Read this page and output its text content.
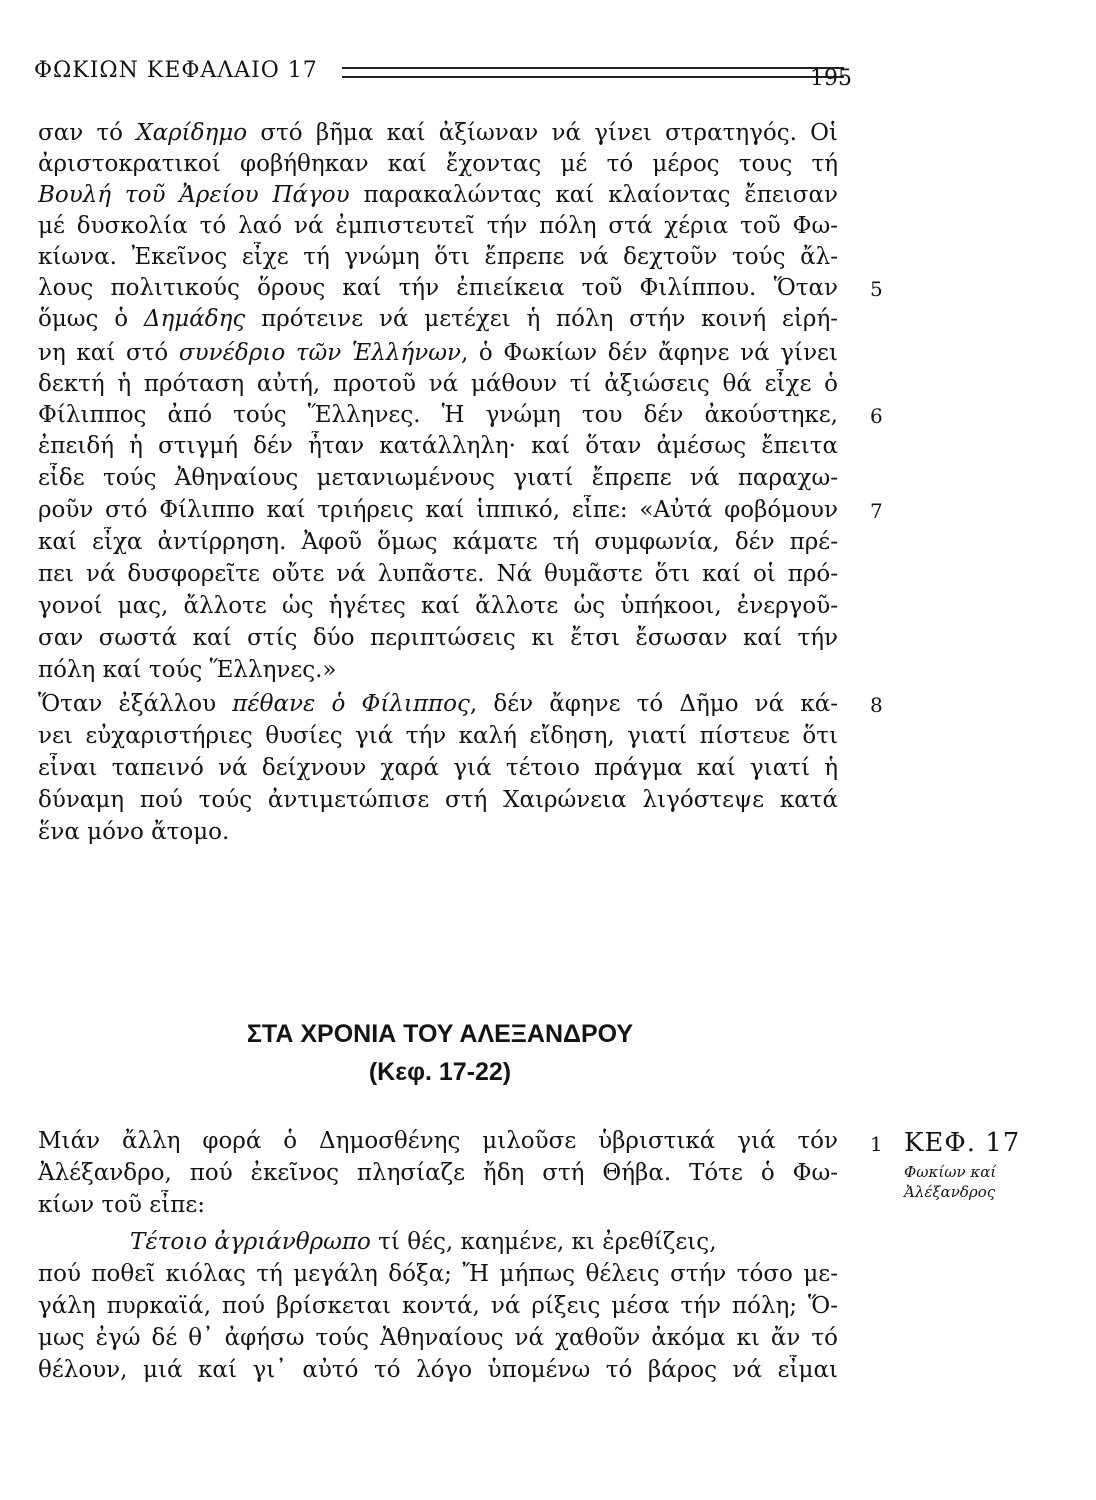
ΦΩΚΙΩΝ ΚΕΦΑΛΑΙΟ 17	195
σαν τό Χαρίδημο στό βῆμα καί ἀξίωναν νά γίνει στρατηγός. Οἱ
ἀριστοκρατικοί φοβήθηκαν καί ἔχοντας μέ τό μέρος τους τή
Βουλή τοῦ Ἀρείου Πάγου παρακαλώντας καί κλαίοντας ἔπεισαν
μέ δυσκολία τό λαό νά ἐμπιστευτεῖ τήν πόλη στά χέρια τοῦ Φω-
κίωνα. Ἐκεῖνος εἶχε τή γνώμη ὅτι ἔπρεπε νά δεχτοῦν τούς ἄλ-
λους πολιτικούς ὅρους καί τήν ἐπιείκεια τοῦ Φιλίππου. Ὅταν
ὅμως ὁ Δημάδης πρότεινε νά μετέχει ἡ πόλη στήν κοινή εἰρή-
νη καί στό συνέδριο τῶν Ἑλλήνων, ὁ Φωκίων δέν ἄφηνε νά γίνει
δεκτή ἡ πρόταση αὐτή, προτοῦ νά μάθουν τί ἀξιώσεις θά εἶχε ὁ
Φίλιππος ἀπό τούς Ἕλληνες. Ἡ γνώμη του δέν ἀκούστηκε,
ἐπειδή ἡ στιγμή δέν ἦταν κατάλληλη· καί ὅταν ἀμέσως ἔπειτα
εἶδε τούς Ἀθηναίους μετανιωμένους γιατί ἔπρεπε νά παραχω-
ροῦν στό Φίλιππο καί τριήρεις καί ἱππικό, εἶπε: «Αὐτά φοβόμουν
καί εἶχα ἀντίρρηση. Ἀφοῦ ὅμως κάματε τή συμφωνία, δέν πρέ-
πει νά δυσφορεῖτε οὔτε νά λυπᾶστε. Νά θυμᾶστε ὅτι καί οἱ πρό-
γονοί μας, ἄλλοτε ὡς ἡγέτες καί ἄλλοτε ὡς ὑπήκοοι, ἐνεργοῦ-
σαν σωστά καί στίς δύο περιπτώσεις κι ἔτσι ἔσωσαν καί τήν
πόλη καί τούς Ἕλληνες.»
Ὅταν ἐξάλλου πέθανε ὁ Φίλιππος, δέν ἄφηνε τό Δῆμο νά κά-
νει εὐχαριστήριες θυσίες γιά τήν καλή εἴδηση, γιατί πίστευε ὅτι
εἶναι ταπεινό νά δείχνουν χαρά γιά τέτοιο πράγμα καί γιατί ἡ
δύναμη πού τούς ἀντιμετώπισε στή Χαιρώνεια λιγόστεψε κατά
ἕνα μόνο ἄτομο.
5
6
7
8
1
ΣΤΑ ΧΡΟΝΙΑ ΤΟΥ ΑΛΕΞΑΝΔΡΟΥ
(Κεφ. 17-22)
Μιάν ἄλλη φορά ὁ Δημοσθένης μιλοῦσε ὑβριστικά γιά τόν
Ἀλέξανδρο, πού ἐκεῖνος πλησίαζε ἤδη στή Θήβα. Τότε ὁ Φω-
κίων τοῦ εἶπε:
Τέτοιο ἀγριάνθρωπο τί θές, καημένε, κι ἐρεθίζεις,
πού ποθεῖ κιόλας τή μεγάλη δόξα; Ἤ μήπως θέλεις στήν τόσο με-
γάλη πυρκαϊά, πού βρίσκεται κοντά, νά ρίξεις μέσα τήν πόλη; Ὅ-
μως ἐγώ δέ θ᾿ ἀφήσω τούς Ἀθηναίους νά χαθοῦν ἀκόμα κι ἄν τό
θέλουν, μιά καί γι᾿ αὐτό τό λόγο ὑπομένω τό βάρος νά εἶμαι
ΚΕΦ. 17
Φωκίων καί
Ἀλέξανδρος
